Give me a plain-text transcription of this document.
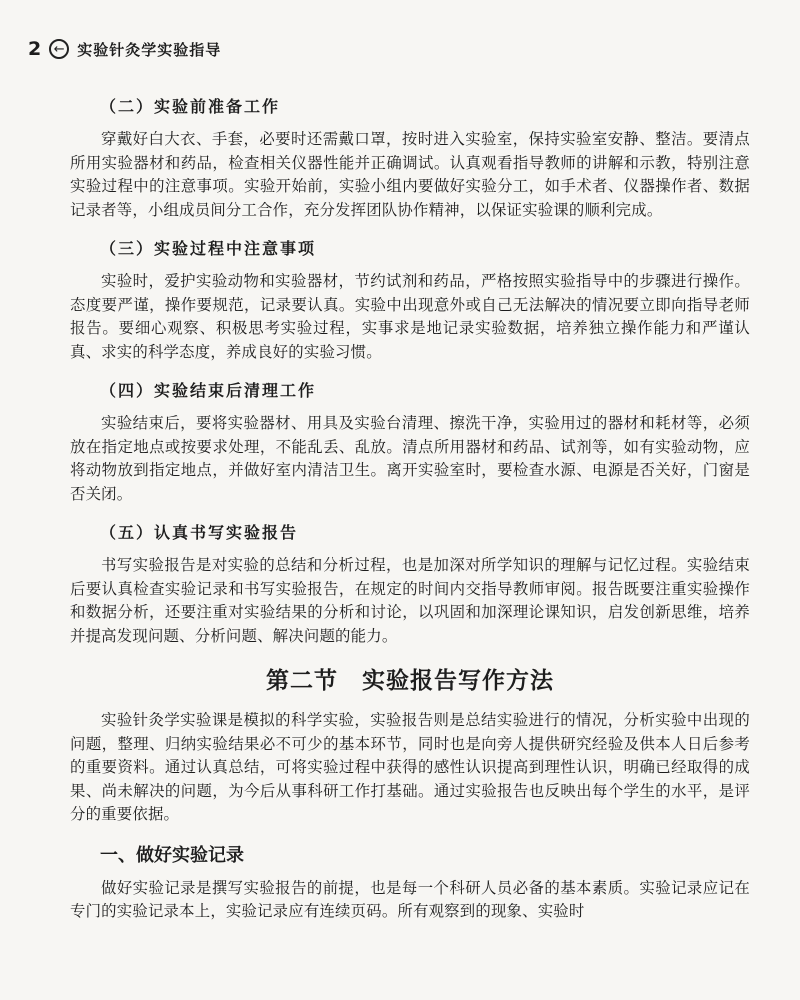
2 ← 实验针灸学实验指导
（二）实验前准备工作

穿戴好白大衣、手套，必要时还需戴口罩，按时进入实验室，保持实验室安静、整洁。要清点所用实验器材和药品，检查相关仪器性能并正确调试。认真观看指导教师的讲解和示教，特别注意实验过程中的注意事项。实验开始前，实验小组内要做好实验分工，如手术者、仪器操作者、数据记录者等，小组成员间分工合作，充分发挥团队协作精神，以保证实验课的顺利完成。

（三）实验过程中注意事项

实验时，爱护实验动物和实验器材，节约试剂和药品，严格按照实验指导中的步骤进行操作。态度要严谨，操作要规范，记录要认真。实验中出现意外或自己无法解决的情况要立即向指导老师报告。要细心观察、积极思考实验过程，实事求是地记录实验数据，培养独立操作能力和严谨认真、求实的科学态度，养成良好的实验习惯。

（四）实验结束后清理工作

实验结束后，要将实验器材、用具及实验台清理、擦洗干净，实验用过的器材和耗材等，必须放在指定地点或按要求处理，不能乱丢、乱放。清点所用器材和药品、试剂等，如有实验动物，应将动物放到指定地点，并做好室内清洁卫生。离开实验室时，要检查水源、电源是否关好，门窗是否关闭。

（五）认真书写实验报告

书写实验报告是对实验的总结和分析过程，也是加深对所学知识的理解与记忆过程。实验结束后要认真检查实验记录和书写实验报告，在规定的时间内交指导教师审阅。报告既要注重实验操作和数据分析，还要注重对实验结果的分析和讨论，以巩固和加深理论课知识，启发创新思维，培养并提高发现问题、分析问题、解决问题的能力。

第二节　实验报告写作方法

实验针灸学实验课是模拟的科学实验，实验报告则是总结实验进行的情况，分析实验中出现的问题，整理、归纳实验结果必不可少的基本环节，同时也是向旁人提供研究经验及供本人日后参考的重要资料。通过认真总结，可将实验过程中获得的感性认识提高到理性认识，明确已经取得的成果、尚未解决的问题，为今后从事科研工作打基础。通过实验报告也反映出每个学生的水平，是评分的重要依据。

一、做好实验记录

做好实验记录是撰写实验报告的前提，也是每一个科研人员必备的基本素质。实验记录应记在专门的实验记录本上，实验记录应有连续页码。所有观察到的现象、实验时
